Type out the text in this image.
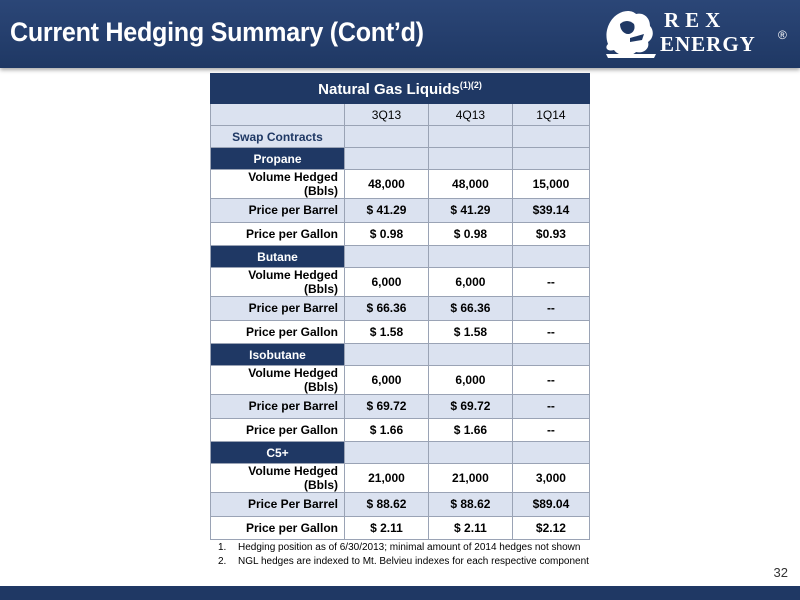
Current Hedging Summary (Cont’d)	REX
ENERGY ®
Natural Gas Liquids$^{(1)(2)}$
	3Q13	4Q13	1Q14
Swap Contracts			
Propane			
Volume Hedged (Bbls)	48,000	48,000	15,000
Price per Barrel	$ 41.29	$ 41.29	$39.14
Price per Gallon	$ 0.98	$ 0.98	$0.93
Butane			
Volume Hedged (Bbls)	6,000	6,000	--
Price per Barrel	$ 66.36	$ 66.36	--
Price per Gallon	$ 1.58	$ 1.58	--
Isobutane			
Volume Hedged (Bbls)	6,000	6,000	--
Price per Barrel	$ 69.72	$ 69.72	--
Price per Gallon	$ 1.66	$ 1.66	--
C5+			
Volume Hedged (Bbls)	21,000	21,000	3,000
Price Per Barrel	$ 88.62	$ 88.62	$89.04
Price per Gallon	$ 2.11	$ 2.11	$2.12
1. Hedging position as of 6/30/2013; minimal amount of 2014 hedges not shown
2. NGL hedges are indexed to Mt. Belvieu indexes for each respective component
32
